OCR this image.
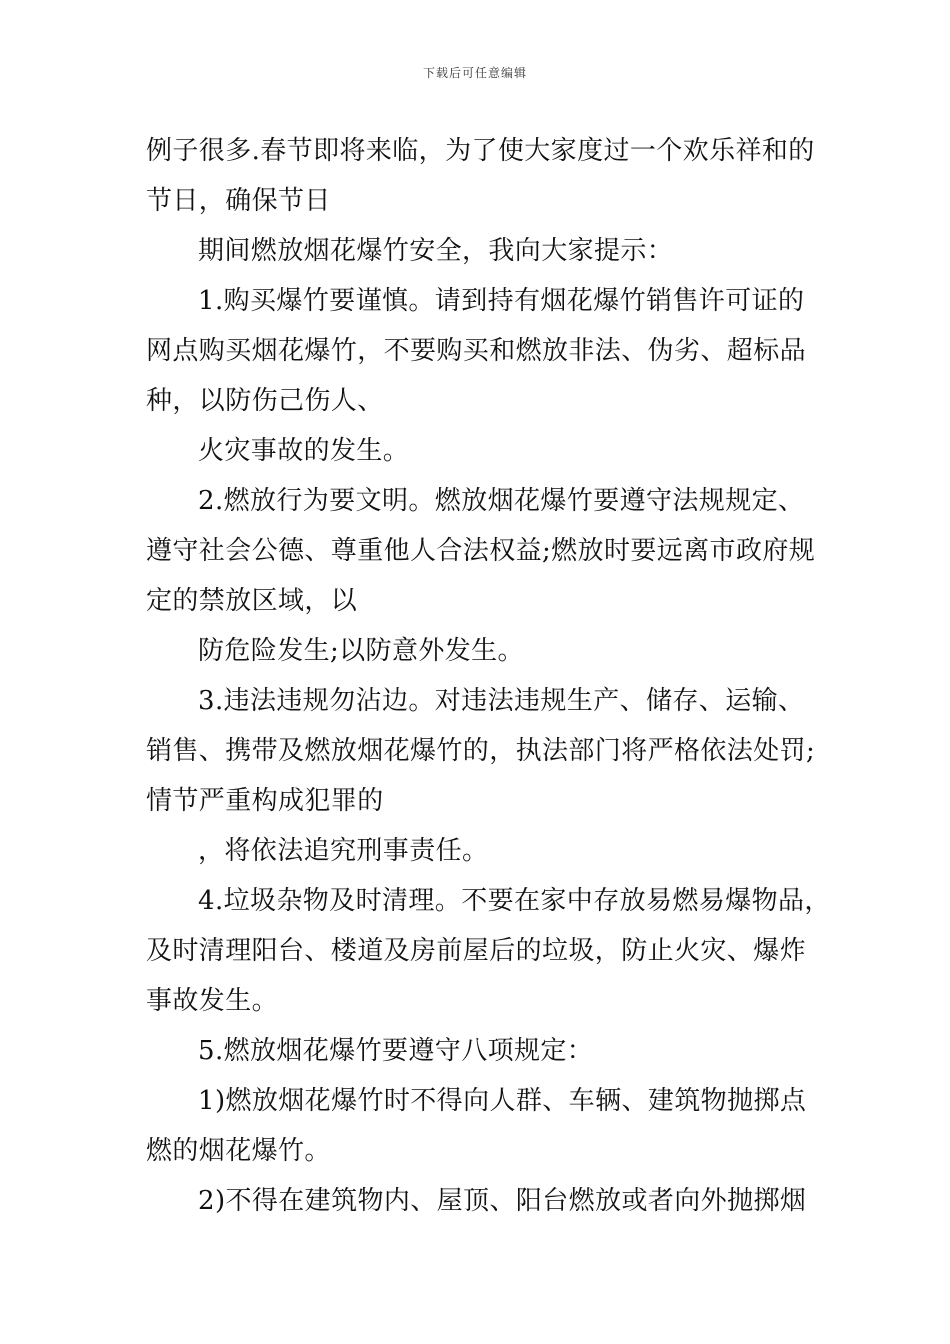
下载后可任意编辑
例子很多.春节即将来临，为了使大家度过一个欢乐祥和的
节日，确保节日
期间燃放烟花爆竹安全，我向大家提示：
1.购买爆竹要谨慎。请到持有烟花爆竹销售许可证的
网点购买烟花爆竹，不要购买和燃放非法、伪劣、超标品
种，以防伤己伤人、
火灾事故的发生。
2.燃放行为要文明。燃放烟花爆竹要遵守法规规定、
遵守社会公德、尊重他人合法权益;燃放时要远离市政府规
定的禁放区域，以
防危险发生;以防意外发生。
3.违法违规勿沾边。对违法违规生产、储存、运输、
销售、携带及燃放烟花爆竹的，执法部门将严格依法处罚;
情节严重构成犯罪的
，将依法追究刑事责任。
4.垃圾杂物及时清理。不要在家中存放易燃易爆物品，
及时清理阳台、楼道及房前屋后的垃圾，防止火灾、爆炸
事故发生。
5.燃放烟花爆竹要遵守八项规定：
1)燃放烟花爆竹时不得向人群、车辆、建筑物抛掷点
燃的烟花爆竹。
2)不得在建筑物内、屋顶、阳台燃放或者向外抛掷烟
